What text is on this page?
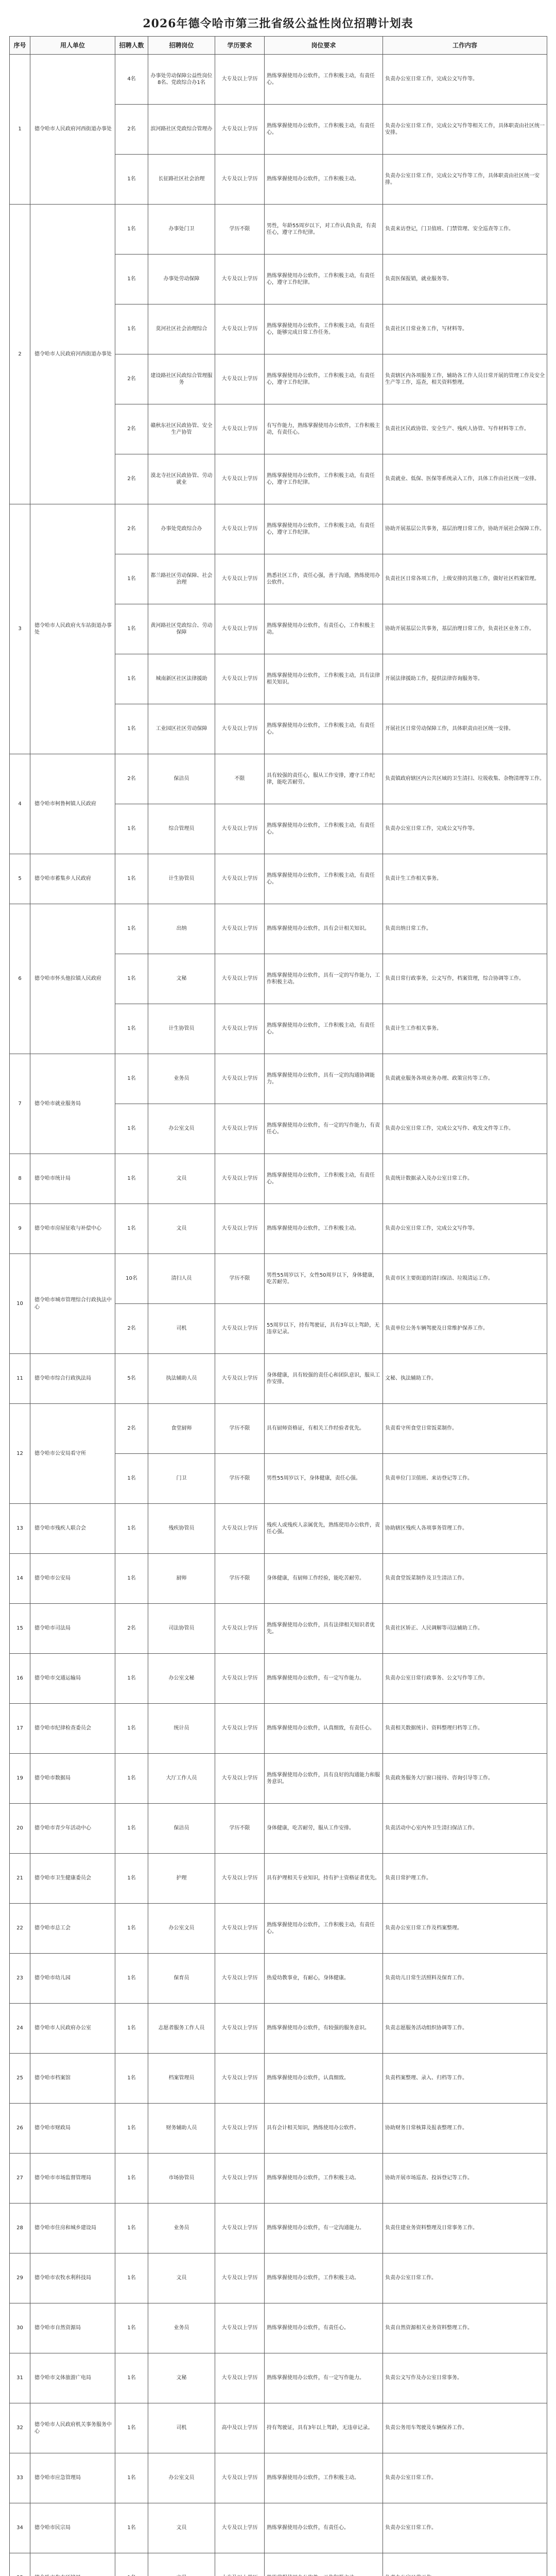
2026年德令哈市第三批省级公益性岗位招聘计划表
序号	用人单位	招聘人数	招聘岗位	学历要求	岗位要求	工作内容
1	德令哈市人民政府河西街道办事处	4名	办事处劳动保障公益性岗位8名、党政综合办1名	大专及以上学历	熟练掌握使用办公软件，工作积极主动，有责任心。	负责办公室日常工作，完成公文写作等。
		2名	滨河路社区党政综合管理办	大专及以上学历	熟练掌握使用办公软件，工作积极主动，有责任心。	负责办公室日常工作，完成公文写作等相关工作，具体职责由社区统一安排。
		1名	长征路社区社会治理	大专及以上学历	熟练掌握使用办公软件，工作积极主动。	负责办公室日常工作，完成公文写作等工作，具体职责由社区统一安排。
2	德令哈市人民政府河西街道办事处	1名	办事处门卫	学历不限	男性，年龄55周岁以下，对工作认真负责，有责任心，遵守工作纪律。	负责来访登记，门卫值班、门禁管理、安全巡查等工作。
		1名	办事处劳动保障	大专及以上学历	熟练掌握使用办公软件，工作积极主动，有责任心，遵守工作纪律。	负责医保报销，就业服务等。
		1名	莫河社区社会治理综合	大专及以上学历	熟练掌握使用办公软件，工作积极主动，有责任心，能够完成日常工作任务。	负责社区日常业务工作，写材料等。
		2名	建设路社区民政综合管理服务	大专及以上学历	熟练掌握使用办公软件，工作积极主动，有责任心，遵守工作纪律。	负责辖区内各项服务工作，辅助各工作人员日常开展的管理工作及安全生产等工作，巡查，相关资料整理。
		2名	赣秋东社区民政协管、安全生产协管	大专及以上学历	有写作能力，熟练掌握使用办公软件，工作积极主动，有责任心。	负责社区民政协管、安全生产、残疾人协管、写作材料等工作。
		2名	漠北寺社区民政协管、劳动就业	大专及以上学历	熟练掌握使用办公软件，工作积极主动，有责任心，遵守工作纪律。	负责就业、低保、医保等系统录入工作，具体工作由社区统一安排。
3	德令哈市人民政府火车站街道办事处	2名	办事处党政综合办	大专及以上学历	熟练掌握使用办公软件，工作积极主动，有责任心，遵守工作纪律。	协助开展基层公共事务，基层治理日常工作，协助开展社会保障工作。
		1名	都兰路社区劳动保障、社会治理	大专及以上学历	熟悉社区工作，责任心强，善于沟通，熟练使用办公软件。	负责社区日常各项工作，上级安排的其他工作，做好社区档案管理。
		1名	黄河路社区党政综合、劳动保障	大专及以上学历	熟练掌握使用办公软件，有责任心，工作积极主动。	协助开展基层公共事务，基层治理日常工作，负责社区业务工作。
		1名	城南新区社区法律援助	大专及以上学历	熟练掌握使用办公软件，工作积极主动，具有法律相关知识。	开展法律援助工作，提供法律咨询服务等。
		1名	工业园区社区劳动保障	大专及以上学历	熟练掌握使用办公软件，工作积极主动，有责任心。	开展社区日常劳动保障工作，具体职责由社区统一安排。
4	德令哈市柯鲁柯镇人民政府	2名	保洁员	不限	具有较强的责任心，服从工作安排，遵守工作纪律，能吃苦耐劳。	负责镇政府辖区内公共区域的卫生清扫、垃圾收集、杂物清理等工作。
		1名	综合管理员	大专及以上学历	熟练掌握使用办公软件，工作积极主动，有责任心。	负责办公室日常工作，完成公文写作等。
5	德令哈市蓄集乡人民政府	1名	计生协管员	大专及以上学历	熟练掌握使用办公软件，工作积极主动，有责任心。	负责计生工作相关事务。
6	德令哈市怀头他拉镇人民政府	1名	出纳	大专及以上学历	熟练掌握使用办公软件，具有会计相关知识。	负责出纳日常工作。
		1名	文秘	大专及以上学历	熟练掌握使用办公软件，具有一定的写作能力，工作积极主动。	负责日常行政事务，公文写作，档案管理，综合协调等工作。
		1名	计生协管员	大专及以上学历	熟练掌握使用办公软件，工作积极主动，有责任心。	负责计生工作相关事务。
7	德令哈市就业服务局	1名	业务员	大专及以上学历	熟练掌握使用办公软件，具有一定的沟通协调能力。	负责就业服务各项业务办理、政策宣传等工作。
		1名	办公室文员	大专及以上学历	熟练掌握使用办公软件，有一定的写作能力，有责任心。	负责办公室日常工作，完成公文写作、收发文件等工作。
8	德令哈市统计局	1名	文员	大专及以上学历	熟练掌握使用办公软件，工作积极主动，有责任心。	负责统计数据录入及办公室日常工作。
9	德令哈市房屋征收与补偿中心	1名	文员	大专及以上学历	熟练掌握使用办公软件，工作积极主动。	负责办公室日常工作，完成公文写作等。
10	德令哈市城市管理综合行政执法中心	10名	清扫人员	学历不限	男性55周岁以下，女性50周岁以下，身体健康，吃苦耐劳。	负责市区主要街道的清扫保洁、垃圾清运工作。
		2名	司机	大专及以上学历	55周岁以下，持有驾驶证，具有3年以上驾龄，无违章记录。	负责单位公务车辆驾驶及日常维护保养工作。
11	德令哈市综合行政执法局	5名	执法辅助人员	大专及以上学历	身体健康，具有较强的责任心和团队意识，服从工作安排。	文秘、执法辅助工作。
12	德令哈市公安局看守所	2名	食堂厨师	学历不限	具有厨师资格证，有相关工作经验者优先。	负责看守所食堂日常饭菜制作。
		1名	门卫	学历不限	男性55周岁以下，身体健康，责任心强。	负责单位门卫值班、来访登记等工作。
13	德令哈市残疾人联合会	1名	残疾协管员	大专及以上学历	残疾人或残疾人亲属优先，熟练使用办公软件，责任心强。	协助辖区残疾人各项事务管理工作。
14	德令哈市公安局	1名	厨师	学历不限	身体健康，有厨师工作经验，能吃苦耐劳。	负责食堂饭菜制作及卫生清洁工作。
15	德令哈市司法局	2名	司法协管员	大专及以上学历	熟练掌握使用办公软件，具有法律相关知识者优先。	负责社区矫正、人民调解等司法辅助工作。
16	德令哈市交通运输局	1名	办公室文秘	大专及以上学历	熟练掌握使用办公软件，有一定写作能力。	负责办公室日常行政事务、公文写作等工作。
17	德令哈市纪律检查委员会	1名	统计员	大专及以上学历	熟练掌握使用办公软件，认真细致，有责任心。	负责相关数据统计、资料整理归档等工作。
19	德令哈市数据局	1名	大厅工作人员	大专及以上学历	熟练掌握使用办公软件，具有良好的沟通能力和服务意识。	负责政务服务大厅窗口接待、咨询引导等工作。
20	德令哈市青少年活动中心	1名	保洁员	学历不限	身体健康，吃苦耐劳，服从工作安排。	负责活动中心室内外卫生清扫保洁工作。
21	德令哈市卫生健康委员会	1名	护理	大专及以上学历	具有护理相关专业知识，持有护士资格证者优先。	负责日常护理工作。
22	德令哈市总工会	1名	办公室文员	大专及以上学历	熟练掌握使用办公软件，工作积极主动，有责任心。	负责办公室日常工作及档案整理。
23	德令哈市幼儿园	1名	保育员	大专及以上学历	热爱幼教事业，有耐心，身体健康。	负责幼儿日常生活照料及保育工作。
24	德令哈市人民政府办公室	1名	志愿者服务工作人员	大专及以上学历	熟练掌握使用办公软件，有较强的服务意识。	负责志愿服务活动组织协调等工作。
25	德令哈市档案馆	1名	档案管理员	大专及以上学历	熟练掌握使用办公软件，认真细致。	负责档案整理、录入、归档等工作。
26	德令哈市财政局	1名	财务辅助人员	大专及以上学历	具有会计相关知识，熟练使用办公软件。	协助财务日常核算及报表整理工作。
27	德令哈市市场监督管理局	1名	市场协管员	大专及以上学历	熟练掌握使用办公软件，工作积极主动。	协助开展市场巡查、投诉登记等工作。
28	德令哈市住房和城乡建设局	1名	业务员	大专及以上学历	熟练掌握使用办公软件，有一定沟通能力。	负责住建业务资料整理及日常事务工作。
29	德令哈市农牧水利科技局	1名	文员	大专及以上学历	熟练掌握使用办公软件，工作积极主动。	负责办公室日常工作。
30	德令哈市自然资源局	1名	业务员	大专及以上学历	熟练掌握使用办公软件，有责任心。	负责自然资源相关业务资料整理工作。
31	德令哈市文体旅游广电局	1名	文秘	大专及以上学历	熟练掌握使用办公软件，有一定写作能力。	负责公文写作及办公室日常事务。
32	德令哈市人民政府机关事务服务中心	1名	司机	高中及以上学历	持有驾驶证，具有3年以上驾龄，无违章记录。	负责公务用车驾驶及车辆保养工作。
33	德令哈市应急管理局	1名	办公室文员	大专及以上学历	熟练掌握使用办公软件，工作积极主动。	负责办公室日常工作。
34	德令哈市民宗局	1名	文员	大专及以上学历	熟练掌握使用办公软件，有责任心。	负责办公室日常工作。
